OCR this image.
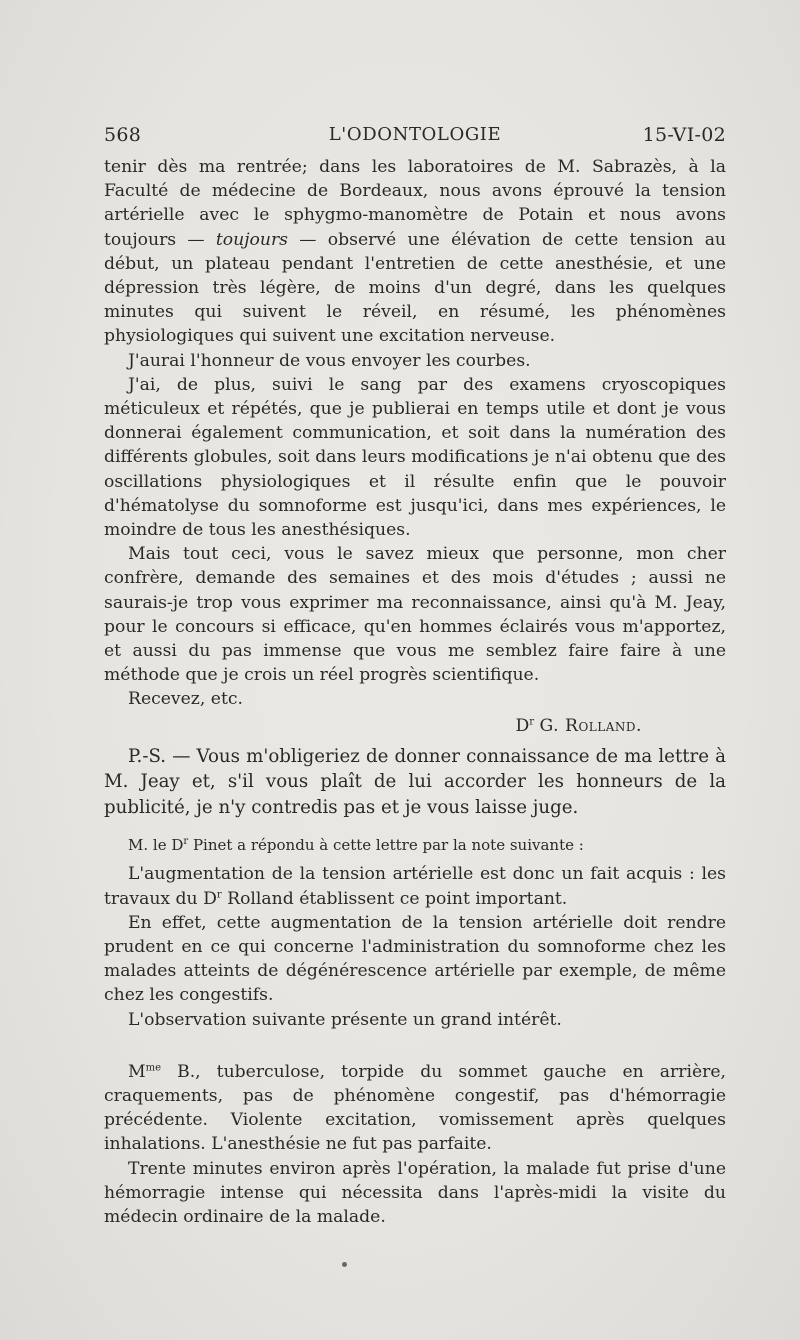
568	L'ODONTOLOGIE	15-VI-02

tenir dès ma rentrée; dans les laboratoires de M. Sabrazès, à la Faculté de médecine de Bordeaux, nous avons éprouvé la tension artérielle avec le sphygmo-manomètre de Potain et nous avons toujours — toujours — observé une élévation de cette tension au début, un plateau pendant l'entretien de cette anesthésie, et une dépression très légère, de moins d'un degré, dans les quelques minutes qui suivent le réveil, en résumé, les phénomènes physiologiques qui suivent une excitation nerveuse.

J'aurai l'honneur de vous envoyer les courbes.

J'ai, de plus, suivi le sang par des examens cryoscopiques méticuleux et répétés, que je publierai en temps utile et dont je vous donnerai également communication, et soit dans la numération des différents globules, soit dans leurs modifications je n'ai obtenu que des oscillations physiologiques et il résulte enfin que le pouvoir d'hématolyse du somnoforme est jusqu'ici, dans mes expériences, le moindre de tous les anesthésiques.

Mais tout ceci, vous le savez mieux que personne, mon cher confrère, demande des semaines et des mois d'études ; aussi ne saurais-je trop vous exprimer ma reconnaissance, ainsi qu'à M. Jeay, pour le concours si efficace, qu'en hommes éclairés vous m'apportez, et aussi du pas immense que vous me semblez faire faire à une méthode que je crois un réel progrès scientifique.

Recevez, etc.

$D^r$ G. Rolland.

P.-S. — Vous m'obligeriez de donner connaissance de ma lettre à M. Jeay et, s'il vous plaît de lui accorder les honneurs de la publicité, je n'y contredis pas et je vous laisse juge.

M. le $D^r$ Pinet a répondu à cette lettre par la note suivante :

L'augmentation de la tension artérielle est donc un fait acquis : les travaux du $D^r$ Rolland établissent ce point important.

En effet, cette augmentation de la tension artérielle doit rendre prudent en ce qui concerne l'administration du somnoforme chez les malades atteints de dégénérescence artérielle par exemple, de même chez les congestifs.

L'observation suivante présente un grand intérêt.

$M^{me}$ B., tuberculose, torpide du sommet gauche en arrière, craquements, pas de phénomène congestif, pas d'hémorragie précédente. Violente excitation, vomissement après quelques inhalations. L'anesthésie ne fut pas parfaite.

Trente minutes environ après l'opération, la malade fut prise d'une hémorragie intense qui nécessita dans l'après-midi la visite du médecin ordinaire de la malade.
